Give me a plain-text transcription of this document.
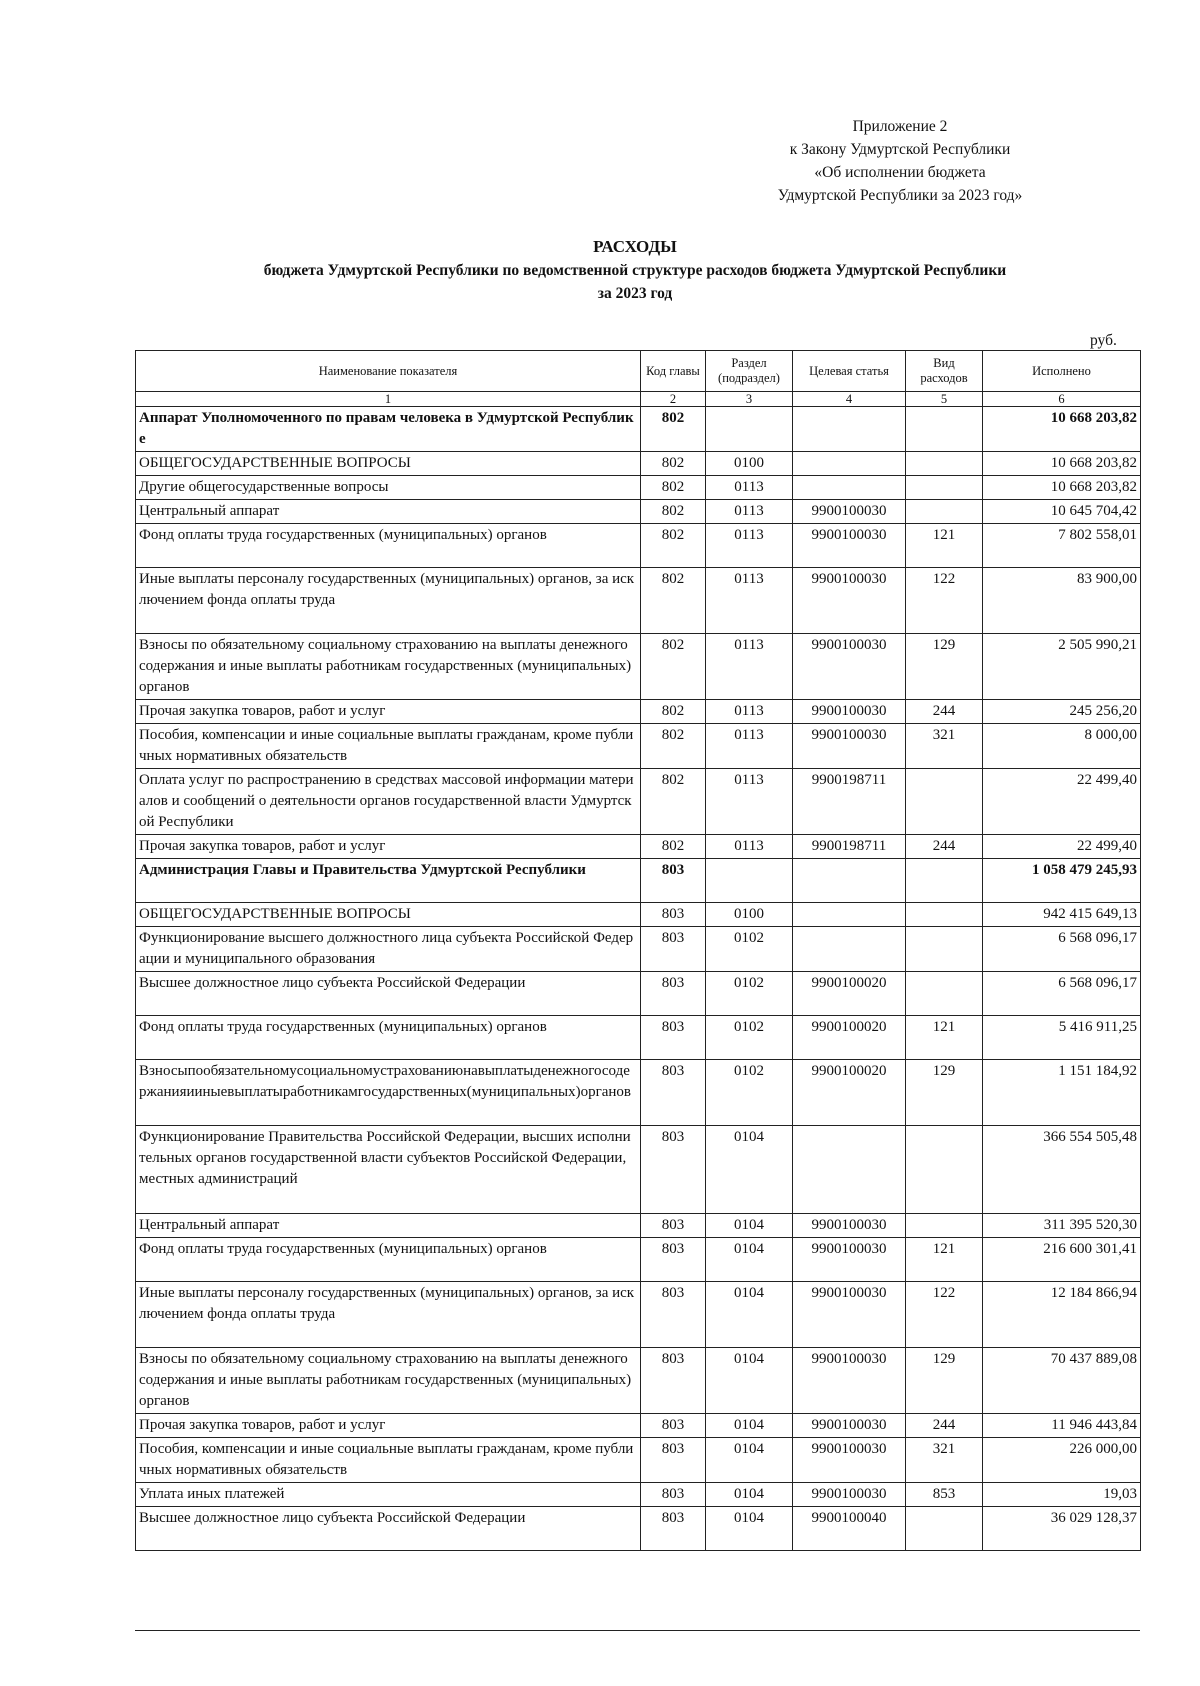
Приложение 2
к Закону Удмуртской Республики
«Об исполнении бюджета
Удмуртской Республики за 2023 год»
РАСХОДЫ
бюджета Удмуртской Республики по ведомственной структуре расходов бюджета Удмуртской Республики
за 2023 год
руб.
Наименование показателя	Код главы	Раздел (подраздел)	Целевая статья	Вид расходов	Исполнено
1	2	3	4	5	6
Аппарат Уполномоченного по правам человека в Удмуртской Республике	802				10 668 203,82
ОБЩЕГОСУДАРСТВЕННЫЕ ВОПРОСЫ	802	0100			10 668 203,82
Другие общегосударственные вопросы	802	0113			10 668 203,82
Центральный аппарат	802	0113	9900100030		10 645 704,42
Фонд оплаты труда государственных (муниципальных) органов	802	0113	9900100030	121	7 802 558,01
Иные выплаты персоналу государственных (муниципальных) органов, за исключением фонда оплаты труда	802	0113	9900100030	122	83 900,00
Взносы по обязательному социальному страхованию на выплаты денежного содержания и иные выплаты работникам государственных (муниципальных) органов	802	0113	9900100030	129	2 505 990,21
Прочая закупка товаров, работ и услуг	802	0113	9900100030	244	245 256,20
Пособия, компенсации и иные социальные выплаты гражданам, кроме публичных нормативных обязательств	802	0113	9900100030	321	8 000,00
Оплата услуг по распространению в средствах массовой информации материалов и сообщений о деятельности органов государственной власти Удмуртской Республики	802	0113	9900198711		22 499,40
Прочая закупка товаров, работ и услуг	802	0113	9900198711	244	22 499,40
Администрация Главы и Правительства Удмуртской Республики	803				1 058 479 245,93
ОБЩЕГОСУДАРСТВЕННЫЕ ВОПРОСЫ	803	0100			942 415 649,13
Функционирование высшего должностного лица субъекта Российской Федерации и муниципального образования	803	0102			6 568 096,17
Высшее должностное лицо субъекта Российской Федерации	803	0102	9900100020		6 568 096,17
Фонд оплаты труда государственных (муниципальных) органов	803	0102	9900100020	121	5 416 911,25
Взносыпообязательномусоциальномустрахованиюнавыплатыденежногосодержанияииныевыплатыработникамгосударственных(муниципальных)органов	803	0102	9900100020	129	1 151 184,92
Функционирование Правительства Российской Федерации, высших исполнительных органов государственной власти субъектов Российской Федерации, местных администраций	803	0104			366 554 505,48
Центральный аппарат	803	0104	9900100030		311 395 520,30
Фонд оплаты труда государственных (муниципальных) органов	803	0104	9900100030	121	216 600 301,41
Иные выплаты персоналу государственных (муниципальных) органов, за исключением фонда оплаты труда	803	0104	9900100030	122	12 184 866,94
Взносы по обязательному социальному страхованию на выплаты денежного содержания и иные выплаты работникам государственных (муниципальных) органов	803	0104	9900100030	129	70 437 889,08
Прочая закупка товаров, работ и услуг	803	0104	9900100030	244	11 946 443,84
Пособия, компенсации и иные социальные выплаты гражданам, кроме публичных нормативных обязательств	803	0104	9900100030	321	226 000,00
Уплата иных платежей	803	0104	9900100030	853	19,03
Высшее должностное лицо субъекта Российской Федерации	803	0104	9900100040		36 029 128,37
